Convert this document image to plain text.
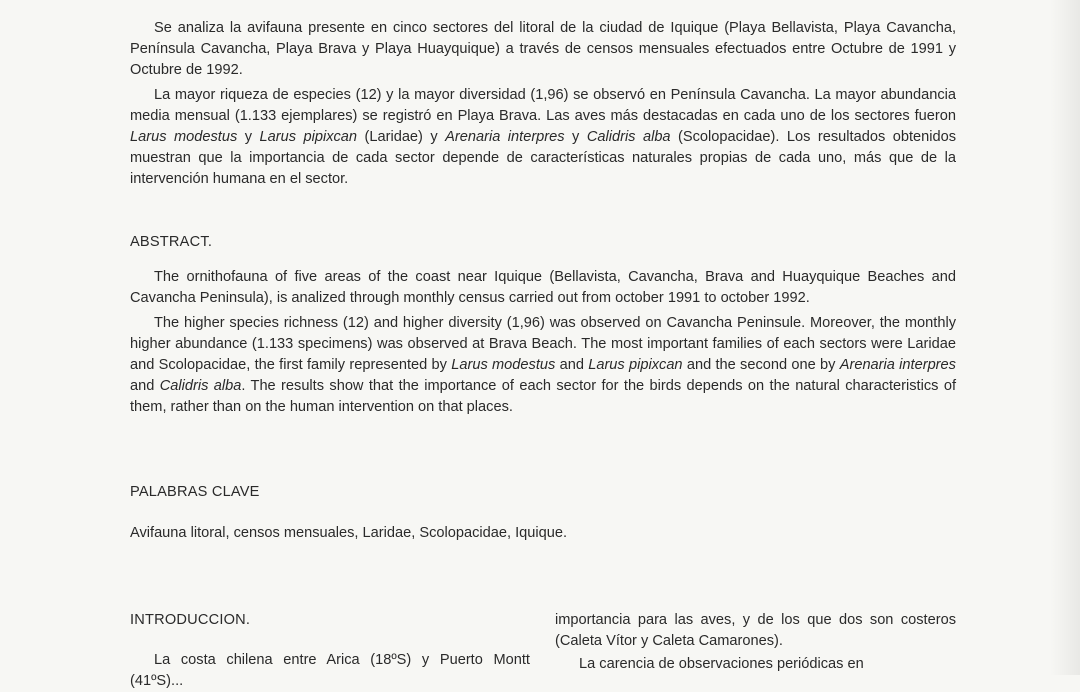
Se analiza la avifauna presente en cinco sectores del litoral de la ciudad de Iquique (Playa Bellavista, Playa Cavancha, Península Cavancha, Playa Brava y Playa Huayquique) a través de censos mensuales efectuados entre Octubre de 1991 y Octubre de 1992.

La mayor riqueza de especies (12) y la mayor diversidad (1,96) se observó en Península Cavancha. La mayor abundancia media mensual (1.133 ejemplares) se registró en Playa Brava. Las aves más destacadas en cada uno de los sectores fueron Larus modestus y Larus pipixcan (Laridae) y Arenaria interpres y Calidris alba (Scolopacidae). Los resultados obtenidos muestran que la importancia de cada sector depende de características naturales propias de cada uno, más que de la intervención humana en el sector.

ABSTRACT.

The ornithofauna of five areas of the coast near Iquique (Bellavista, Cavancha, Brava and Huayquique Beaches and Cavancha Peninsula), is analized through monthly census carried out from october 1991 to october 1992.

The higher species richness (12) and higher diversity (1,96) was observed on Cavancha Peninsule. Moreover, the monthly higher abundance (1.133 specimens) was observed at Brava Beach. The most important families of each sectors were Laridae and Scolopacidae, the first family represented by Larus modestus and Larus pipixcan and the second one by Arenaria interpres and Calidris alba. The results show that the importance of each sector for the birds depends on the natural characteristics of them, rather than on the human intervention on that places.

PALABRAS CLAVE

Avifauna litoral, censos mensuales, Laridae, Scolopacidae, Iquique.

INTRODUCCION.

La costa chilena entre Arica (18ºS) y Puerto Montt (41ºS)...

importancia para las aves, y de los que dos son costeros (Caleta Vítor y Caleta Camarones).

La carencia de observaciones periódicas en
